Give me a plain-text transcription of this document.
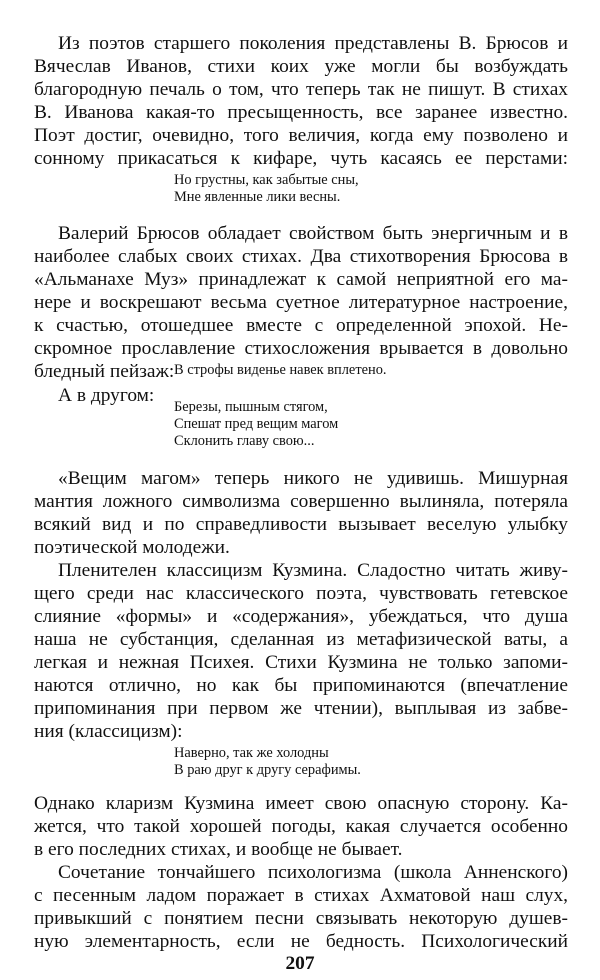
Из поэтов старшего поколения представлены В. Брюсов и
Вячеслав Иванов, стихи коих уже могли бы возбуждать
благородную печаль о том, что теперь так не пишут. В стихах
В. Иванова какая-то пресыщенность, все заранее известно.
Поэт достиг, очевидно, того величия, когда ему позволено и
сонному прикасаться к кифаре, чуть касаясь ее перстами:
Но грустны, как забытые сны,
Мне явленные лики весны.
Валерий Брюсов обладает свойством быть энергичным и в
наиболее слабых своих стихах. Два стихотворения Брюсова в
«Альманахе Муз» принадлежат к самой неприятной его ма-
нере и воскрешают весьма суетное литературное настроение,
к счастью, отошедшее вместе с определенной эпохой. Не-
скромное прославление стихосложения врывается в довольно
бледный пейзаж: В строфы виденье навек вплетено.
А в другом:
Березы, пышным стягом,
Спешат пред вещим магом
Склонить главу свою...
«Вещим магом» теперь никого не удивишь. Мишурная
мантия ложного символизма совершенно вылиняла, потеряла
всякий вид и по справедливости вызывает веселую улыбку
поэтической молодежи.
Пленителен классицизм Кузмина. Сладостно читать живу-
щего среди нас классического поэта, чувствовать гетевское
слияние «формы» и «содержания», убеждаться, что душа
наша не субстанция, сделанная из метафизической ваты, а
легкая и нежная Психея. Стихи Кузмина не только запоми-
наются отлично, но как бы припоминаются (впечатление
припоминания при первом же чтении), выплывая из забве-
ния (классицизм):
Наверно, так же холодны
В раю друг к другу серафимы.
Однако кларизм Кузмина имеет свою опасную сторону. Ка-
жется, что такой хорошей погоды, какая случается особенно
в его последних стихах, и вообще не бывает.
Сочетание тончайшего психологизма (школа Анненского)
с песенным ладом поражает в стихах Ахматовой наш слух,
привыкший с понятием песни связывать некоторую душев-
ную элементарность, если не бедность. Психологический
207
